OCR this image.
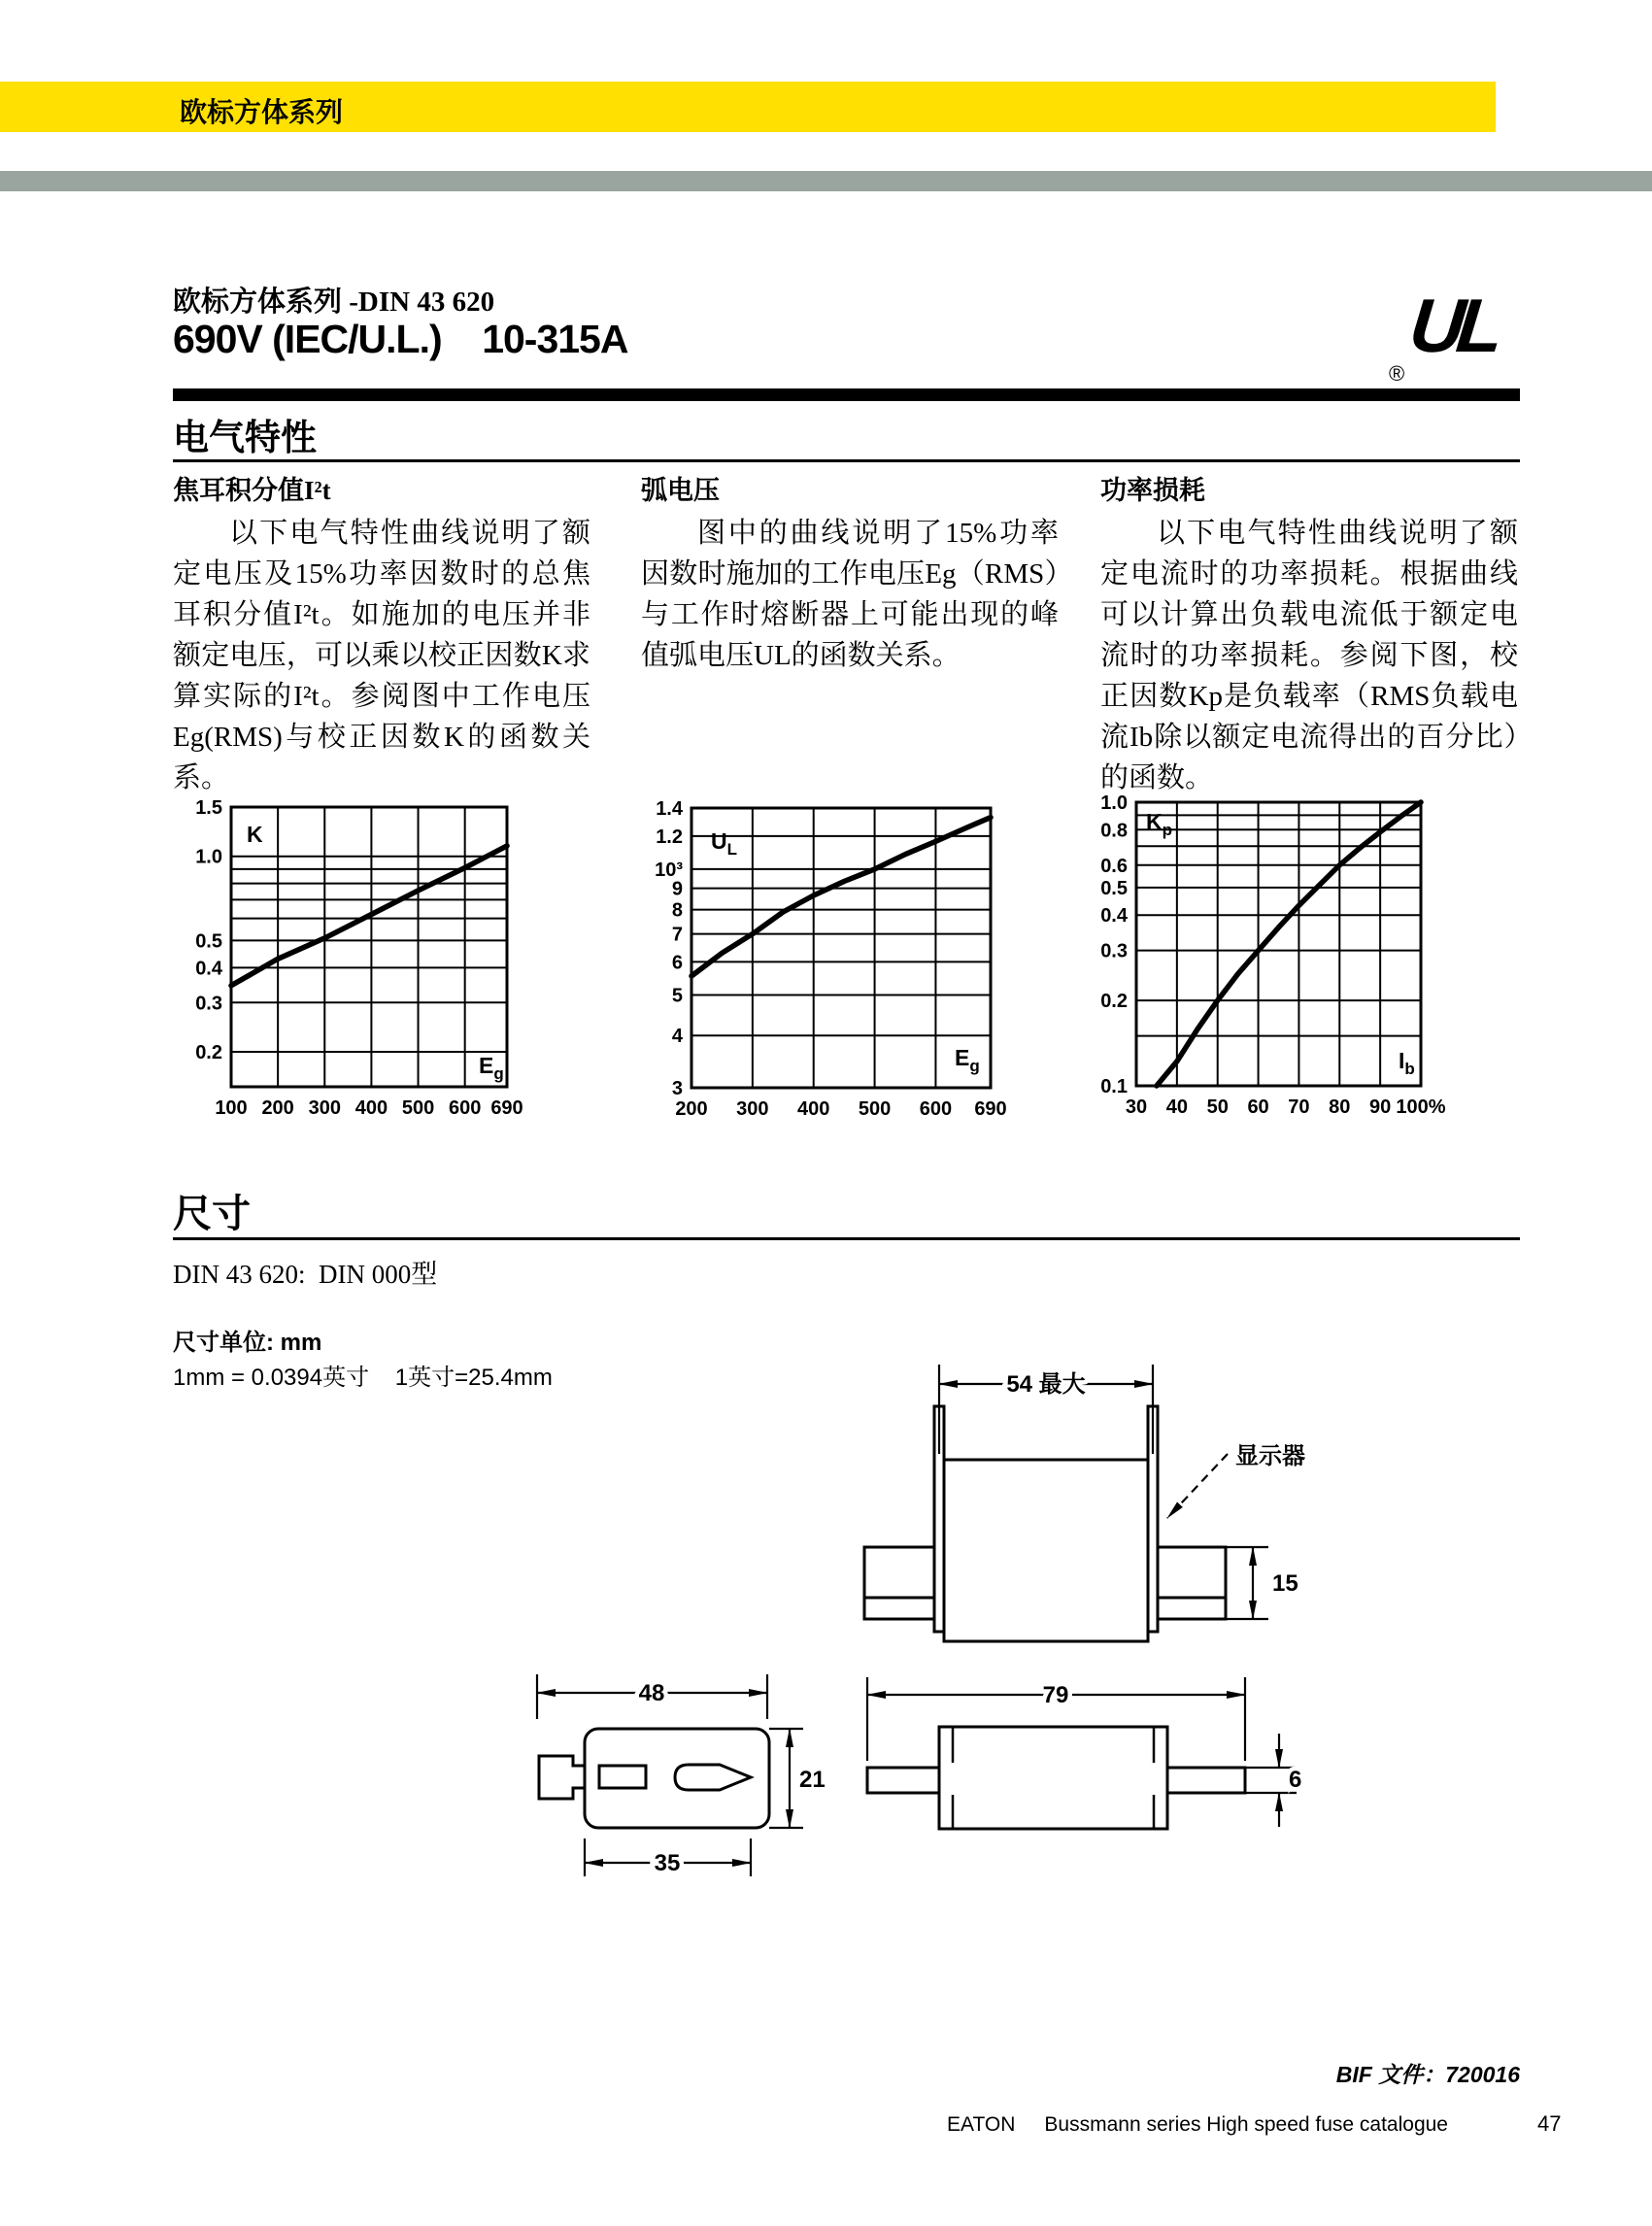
欧标方体系列
欧标方体系列 -DIN 43 620
690V (IEC/U.L.)    10-315A	UL
®
电气特性
焦耳积分值I²t

以下电气特性曲线说明了额定电压及15%功率因数时的总焦耳积分值I²t。如施加的电压并非额定电压，可以乘以校正因数K求算实际的I²t。参阅图中工作电压Eg(RMS)与校正因数K的函数关系。

弧电压

图中的曲线说明了15%功率因数时施加的工作电压Eg（RMS）与工作时熔断器上可能出现的峰值弧电压UL的函数关系。

功率损耗

以下电气特性曲线说明了额定电流时的功率损耗。根据曲线可以计算出负载电流低于额定电流时的功率损耗。参阅下图，校正因数Kp是负载率（RMS负载电流Ib除以额定电流得出的百分比）的函数。

1.5
1.0
0.5
0.4
0.3
0.2
100 200 300 400 500 600 690
K
$E_g$
1.4
1.2
10³
9
8
7
6
5
4
3
200 300 400 500 600 690
$U_L$
$E_g$
1.0
0.8
0.6
0.5
0.4
0.3
0.2
0.1
30 40 50 60 70 80 90 100%
$K_p$
$I_b$
尺寸
DIN 43 620:  DIN 000型
尺寸单位: mm
1mm = 0.0394英寸    1英寸=25.4mm	54 最大
显示器
15
48
21
35
79
6
BIF 文件：720016
EATON Bussmann series High speed fuse catalogue	47
